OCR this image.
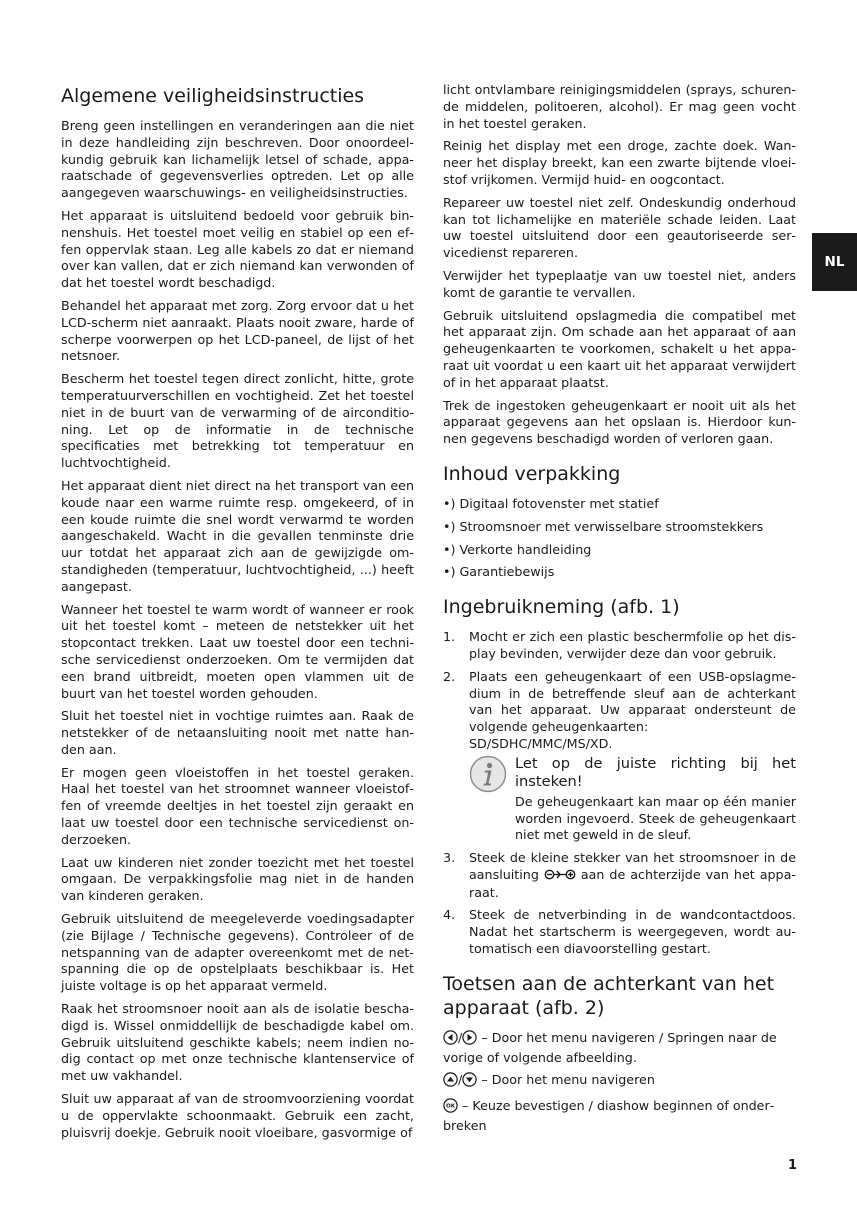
Algemene veiligheidsinstructies

Breng geen instellingen en veranderingen aan die niet in deze handleiding zijn beschreven. Door onoordeelkundig gebruik kan lichamelijk letsel of schade, apparaatschade of gegevensverlies optreden. Let op alle aangegeven waarschuwings- en veiligheidsinstructies.

Het apparaat is uitsluitend bedoeld voor gebruik binnenshuis. Het toestel moet veilig en stabiel op een effen oppervlak staan. Leg alle kabels zo dat er niemand over kan vallen, dat er zich niemand kan verwonden of dat het toestel wordt beschadigd.

Behandel het apparaat met zorg. Zorg ervoor dat u het LCD-scherm niet aanraakt. Plaats nooit zware, harde of scherpe voorwerpen op het LCD-paneel, de lijst of het netsnoer.

Bescherm het toestel tegen direct zonlicht, hitte, grote temperatuurverschillen en vochtigheid. Zet het toestel niet in de buurt van de verwarming of de airconditioning. Let op de informatie in de technische specificaties met betrekking tot temperatuur en luchtvochtigheid.

Het apparaat dient niet direct na het transport van een koude naar een warme ruimte resp. omgekeerd, of in een koude ruimte die snel wordt verwarmd te worden aangeschakeld. Wacht in die gevallen tenminste drie uur totdat het apparaat zich aan de gewijzigde omstandigheden (temperatuur, luchtvochtigheid, ...) heeft aangepast.

Wanneer het toestel te warm wordt of wanneer er rook uit het toestel komt – meteen de netstekker uit het stopcontact trekken. Laat uw toestel door een technische servicedienst onderzoeken. Om te vermijden dat een brand uitbreidt, moeten open vlammen uit de buurt van het toestel worden gehouden.

Sluit het toestel niet in vochtige ruimtes aan. Raak de netstekker of de netaansluiting nooit met natte handen aan.

Er mogen geen vloeistoffen in het toestel geraken. Haal het toestel van het stroomnet wanneer vloeistoffen of vreemde deeltjes in het toestel zijn geraakt en laat uw toestel door een technische servicedienst onderzoeken.

Laat uw kinderen niet zonder toezicht met het toestel omgaan. De verpakkingsfolie mag niet in de handen van kinderen geraken.

Gebruik uitsluitend de meegeleverde voedingsadapter (zie Bijlage / Technische gegevens). Controleer of de netspanning van de adapter overeenkomt met de netspanning die op de opstelplaats beschikbaar is. Het juiste voltage is op het apparaat vermeld.

Raak het stroomsnoer nooit aan als de isolatie beschadigd is. Wissel onmiddellijk de beschadigde kabel om. Gebruik uitsluitend geschikte kabels; neem indien nodig contact op met onze technische klantenservice of met uw vakhandel.

Sluit uw apparaat af van de stroomvoorziening voordat u de oppervlakte schoonmaakt. Gebruik een zacht, pluisvrij doekje. Gebruik nooit vloeibare, gasvormige of

licht ontvlambare reinigingsmiddelen (sprays, schurende middelen, politoeren, alcohol). Er mag geen vocht in het toestel geraken.

Reinig het display met een droge, zachte doek. Wanneer het display breekt, kan een zwarte bijtende vloeistof vrijkomen. Vermijd huid- en oogcontact.

Repareer uw toestel niet zelf. Ondeskundig onderhoud kan tot lichamelijke en materiële schade leiden. Laat uw toestel uitsluitend door een geautoriseerde servicedienst repareren.

Verwijder het typeplaatje van uw toestel niet, anders komt de garantie te vervallen.

Gebruik uitsluitend opslagmedia die compatibel met het apparaat zijn. Om schade aan het apparaat of aan geheugenkaarten te voorkomen, schakelt u het apparaat uit voordat u een kaart uit het apparaat verwijdert of in het apparaat plaatst.

Trek de ingestoken geheugenkaart er nooit uit als het apparaat gegevens aan het opslaan is. Hierdoor kunnen gegevens beschadigd worden of verloren gaan.

Inhoud verpakking
•) Digitaal fotovenster met statief
•) Stroomsnoer met verwisselbare stroomstekkers
•) Verkorte handleiding
•) Garantiebewijs
Ingebruikneming (afb. 1)
1. Mocht er zich een plastic beschermfolie op het display bevinden, verwijder deze dan voor gebruik.
2. Plaats een geheugenkaart of een USB-opslagmedium in de betreffende sleuf aan de achterkant van het apparaat. Uw apparaat ondersteunt de volgende geheugenkaarten:
SD/SDHC/MMC/MS/XD.
Let op de juiste richting bij het insteken!
De geheugenkaart kan maar op één manier worden ingevoerd. Steek de geheugenkaart niet met geweld in de sleuf.
3. Steek de kleine stekker van het stroomsnoer in de aansluiting	aan de achterzijde van het apparaat.
4. Steek de netverbinding in de wandcontactdoos. Nadat het startscherm is weergegeven, wordt automatisch een diavoorstelling gestart.
Toetsen aan de achterkant van het apparaat (afb. 2)
/ – Door het menu navigeren / Springen naar de vorige of volgende afbeelding.
/ – Door het menu navigeren
OK – Keuze bevestigen / diashow beginnen of onderbreken
NL
1
